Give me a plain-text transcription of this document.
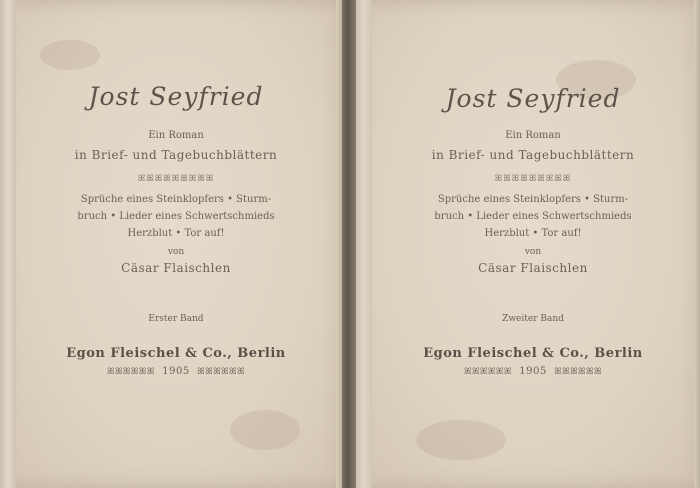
Jost Seyfried
Ein Roman
in Brief- und Tagebuchblättern
ꕤꕤꕤꕤꕤꕤꕤꕤꕤ
Sprüche eines Steinklopfers • Sturm-
bruch • Lieder eines Schwertschmieds
Herzblut • Tor auf!
von
Cäsar Flaischlen
Erster Band
Egon Fleischel & Co., Berlin
ꕤꕤꕤꕤꕤꕤ 1905 ꕤꕤꕤꕤꕤꕤ
Jost Seyfried
Ein Roman
in Brief- und Tagebuchblättern
ꕤꕤꕤꕤꕤꕤꕤꕤꕤ
Sprüche eines Steinklopfers • Sturm-
bruch • Lieder eines Schwertschmieds
Herzblut • Tor auf!
von
Cäsar Flaischlen
Zweiter Band
Egon Fleischel & Co., Berlin
ꕤꕤꕤꕤꕤꕤ 1905 ꕤꕤꕤꕤꕤꕤ
